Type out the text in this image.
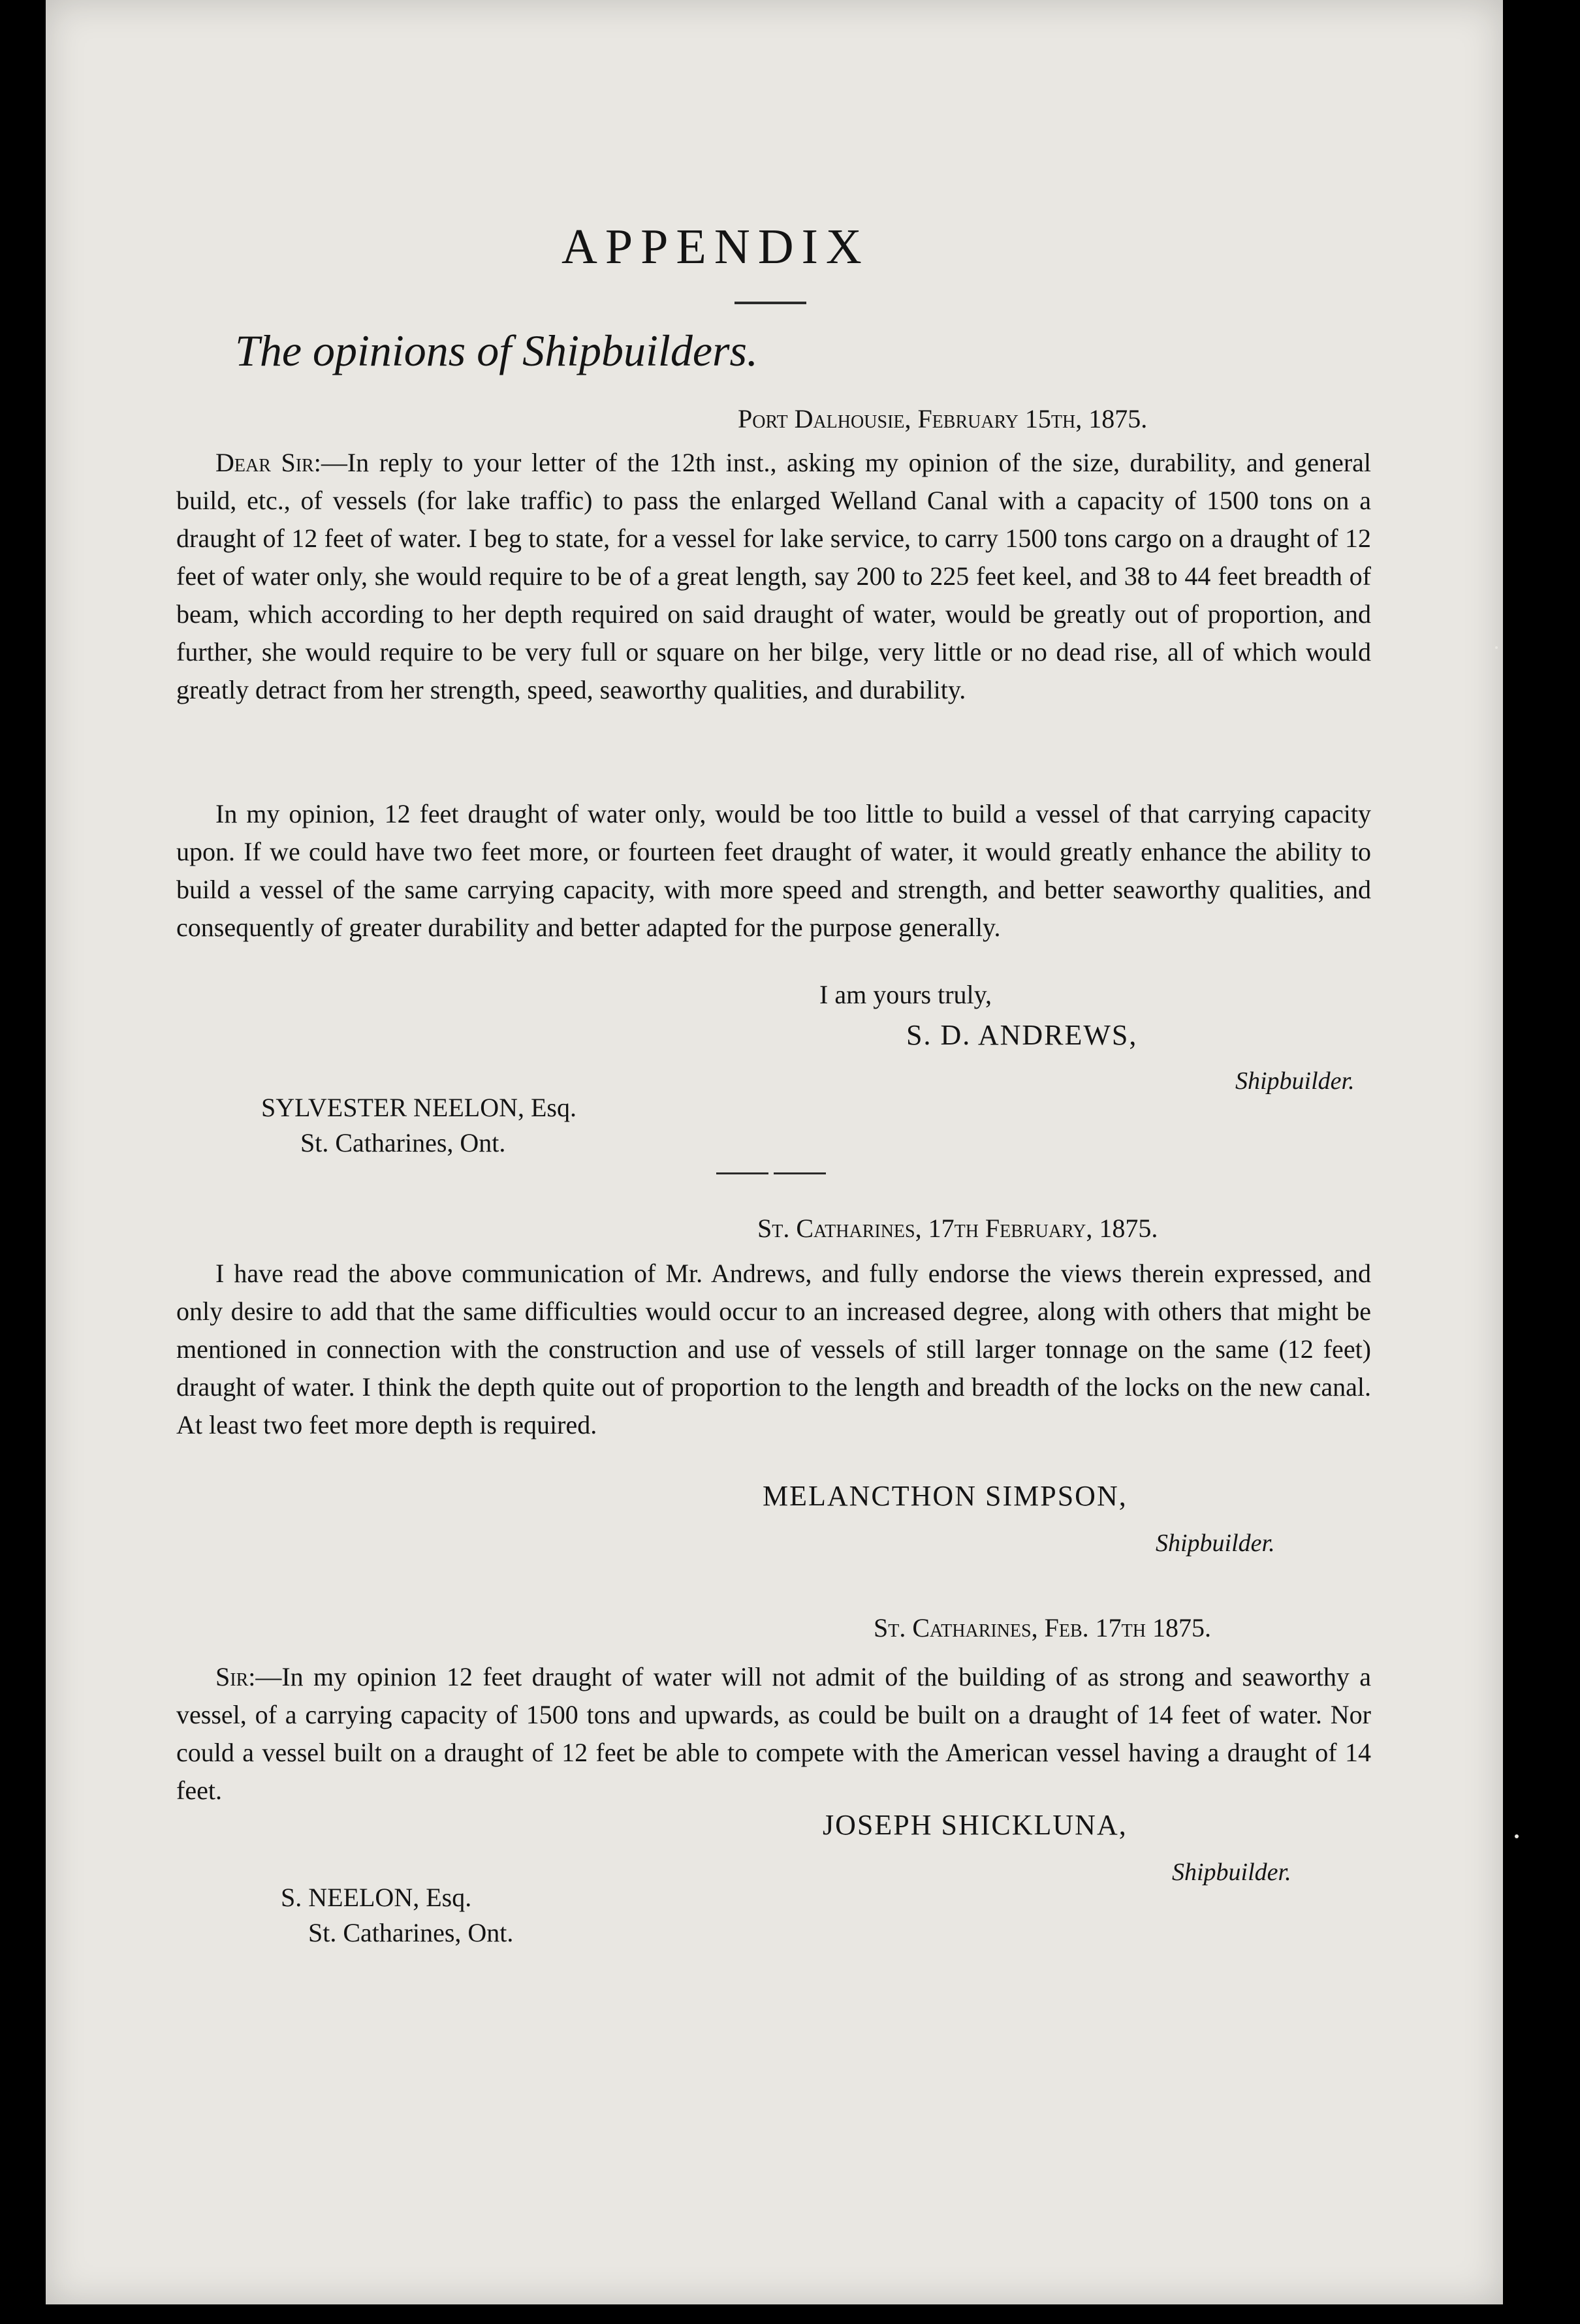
APPENDIX
The opinions of Shipbuilders.
Port Dalhousie, February 15th, 1875.

Dear Sir:—In reply to your letter of the 12th inst., asking my opinion of the size, durability, and general build, etc., of vessels (for lake traffic) to pass the enlarged Welland Canal with a capacity of 1500 tons on a draught of 12 feet of water. I beg to state, for a vessel for lake service, to carry 1500 tons cargo on a draught of 12 feet of water only, she would require to be of a great length, say 200 to 225 feet keel, and 38 to 44 feet breadth of beam, which according to her depth required on said draught of water, would be greatly out of proportion, and further, she would require to be very full or square on her bilge, very little or no dead rise, all of which would greatly detract from her strength, speed, seaworthy qualities, and durability.

In my opinion, 12 feet draught of water only, would be too little to build a vessel of that carrying capacity upon. If we could have two feet more, or fourteen feet draught of water, it would greatly enhance the ability to build a vessel of the same carrying capacity, with more speed and strength, and better seaworthy qualities, and consequently of greater durability and better adapted for the purpose generally.

I am yours truly,
S. D. ANDREWS,
Shipbuilder.
SYLVESTER NEELON, Esq.
St. Catharines, Ont.
St. Catharines, 17th February, 1875.

I have read the above communication of Mr. Andrews, and fully endorse the views therein expressed, and only desire to add that the same difficulties would occur to an increased degree, along with others that might be mentioned in connection with the construction and use of vessels of still larger tonnage on the same (12 feet) draught of water. I think the depth quite out of proportion to the length and breadth of the locks on the new canal. At least two feet more depth is required.

MELANCTHON SIMPSON,
Shipbuilder.
St. Catharines, Feb. 17th 1875.

Sir:—In my opinion 12 feet draught of water will not admit of the building of as strong and seaworthy a vessel, of a carrying capacity of 1500 tons and upwards, as could be built on a draught of 14 feet of water. Nor could a vessel built on a draught of 12 feet be able to compete with the American vessel having a draught of 14 feet.

JOSEPH SHICKLUNA,
Shipbuilder.
S. NEELON, Esq.
St. Catharines, Ont.
